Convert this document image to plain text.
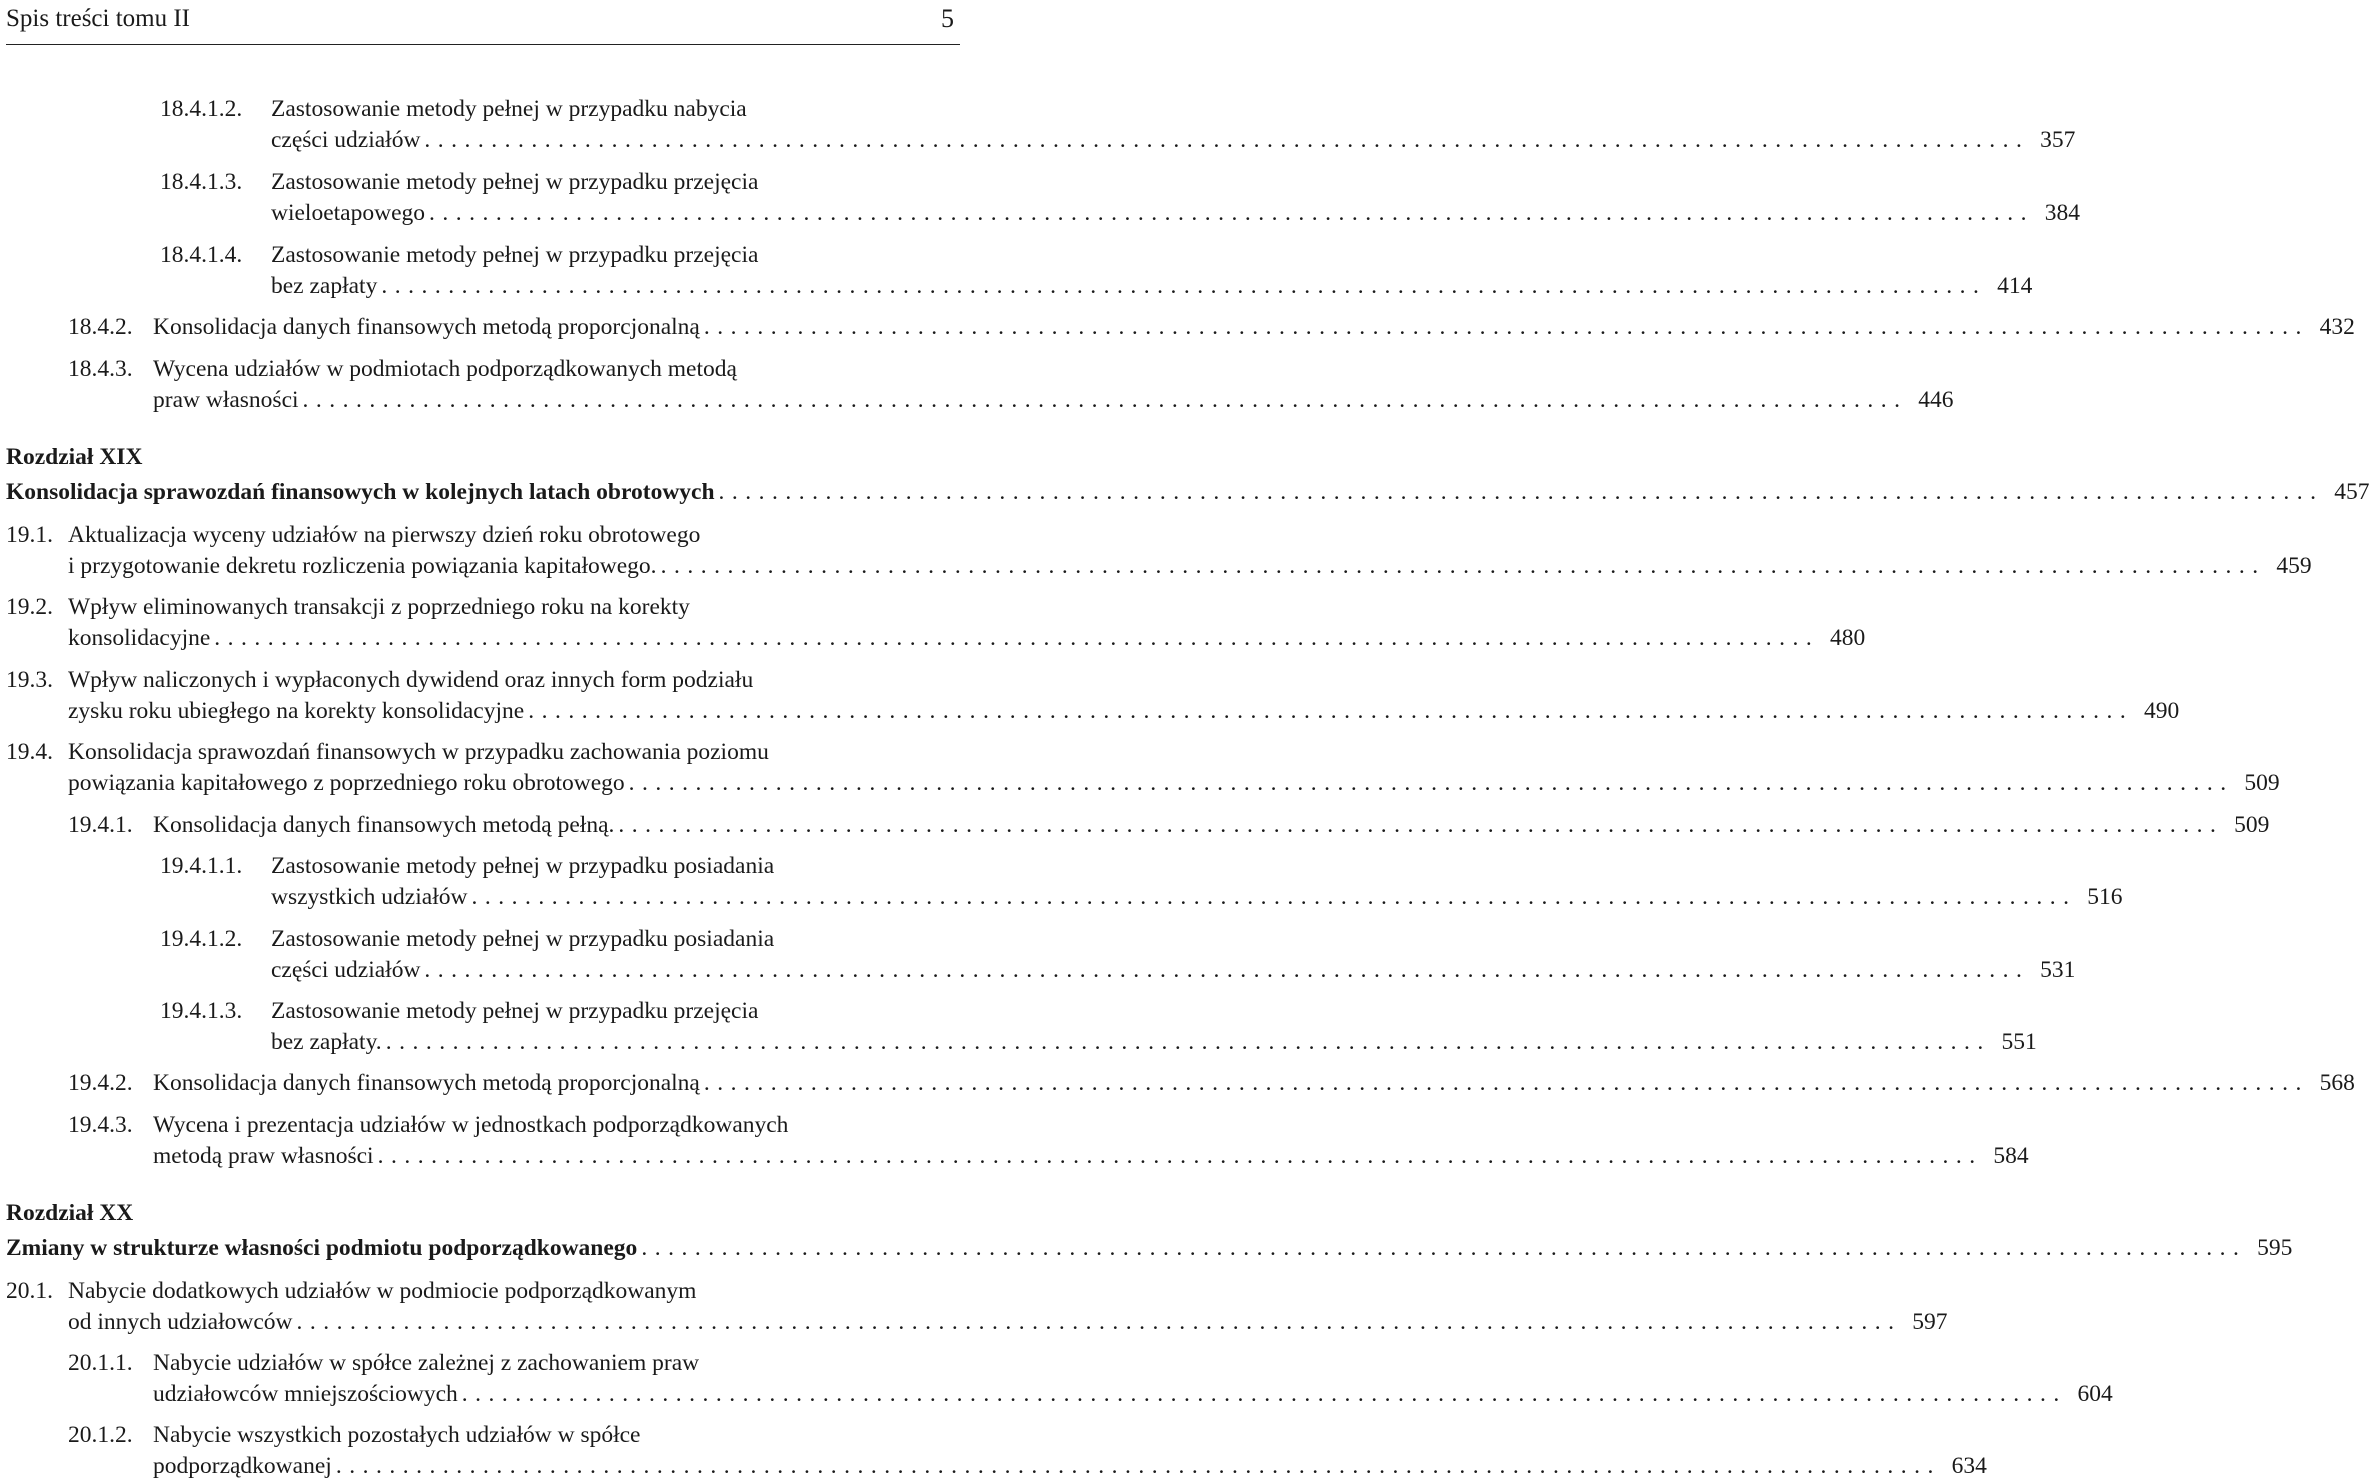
Spis treści tomu II	5
18.4.1.2. Zastosowanie metody pełnej w przypadku nabycia
części udziałów ........................................................................................................................ 357
18.4.1.3. Zastosowanie metody pełnej w przypadku przejęcia
wieloetapowego ........................................................................................................................ 384
18.4.1.4. Zastosowanie metody pełnej w przypadku przejęcia
bez zapłaty ........................................................................................................................ 414
18.4.2. Konsolidacja danych finansowych metodą proporcjonalną ........................................................................................................................ 432
18.4.3. Wycena udziałów w podmiotach podporządkowanych metodą
praw własności ........................................................................................................................ 446
Rozdział XIX
Konsolidacja sprawozdań finansowych w kolejnych latach obrotowych ........................................................................................................................ 457
19.1. Aktualizacja wyceny udziałów na pierwszy dzień roku obrotowego
i przygotowanie dekretu rozliczenia powiązania kapitałowego. ........................................................................................................................ 459
19.2. Wpływ eliminowanych transakcji z poprzedniego roku na korekty
konsolidacyjne ........................................................................................................................ 480
19.3. Wpływ naliczonych i wypłaconych dywidend oraz innych form podziału
zysku roku ubiegłego na korekty konsolidacyjne ........................................................................................................................ 490
19.4. Konsolidacja sprawozdań finansowych w przypadku zachowania poziomu
powiązania kapitałowego z poprzedniego roku obrotowego ........................................................................................................................ 509
19.4.1. Konsolidacja danych finansowych metodą pełną. ........................................................................................................................ 509
19.4.1.1. Zastosowanie metody pełnej w przypadku posiadania
wszystkich udziałów ........................................................................................................................ 516
19.4.1.2. Zastosowanie metody pełnej w przypadku posiadania
części udziałów ........................................................................................................................ 531
19.4.1.3. Zastosowanie metody pełnej w przypadku przejęcia
bez zapłaty. ........................................................................................................................ 551
19.4.2. Konsolidacja danych finansowych metodą proporcjonalną ........................................................................................................................ 568
19.4.3. Wycena i prezentacja udziałów w jednostkach podporządkowanych
metodą praw własności ........................................................................................................................ 584
Rozdział XX
Zmiany w strukturze własności podmiotu podporządkowanego ........................................................................................................................ 595
20.1. Nabycie dodatkowych udziałów w podmiocie podporządkowanym
od innych udziałowców ........................................................................................................................ 597
20.1.1. Nabycie udziałów w spółce zależnej z zachowaniem praw
udziałowców mniejszościowych ........................................................................................................................ 604
20.1.2. Nabycie wszystkich pozostałych udziałów w spółce
podporządkowanej ........................................................................................................................ 634
